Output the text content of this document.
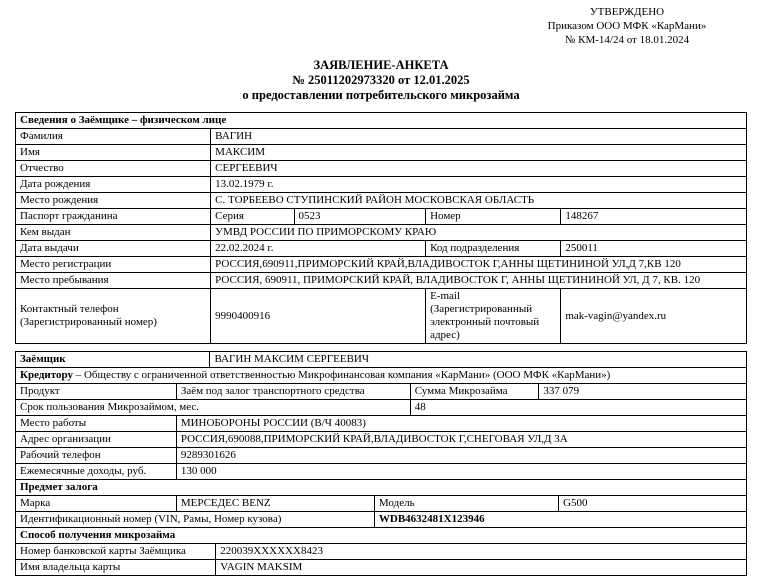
УТВЕРЖДЕНО
Приказом ООО МФК «КарМани»
№ КМ-14/24 от 18.01.2024
ЗАЯВЛЕНИЕ-АНКЕТА
№ 25011202973320 от 12.01.2025
о предоставлении потребительского микрозайма
Сведения о Заёмщике – физическом лице				
Фамилия	ВАГИН			
Имя	МАКСИМ			
Отчество	СЕРГЕЕВИЧ			
Дата рождения	13.02.1979 г.			
Место рождения	С. ТОРБЕЕВО СТУПИНСКИЙ РАЙОН МОСКОВСКАЯ ОБЛАСТЬ			
Паспорт гражданина	Серия	0523	Номер	148267
Кем выдан	УМВД РОССИИ ПО ПРИМОРСКОМУ КРАЮ			
Дата выдачи	22.02.2024 г.		Код подразделения	250011
Место регистрации	РОССИЯ,690911,ПРИМОРСКИЙ КРАЙ,ВЛАДИВОСТОК Г,АННЫ ЩЕТИНИНОЙ УЛ,Д 7,КВ 120			
Место пребывания	РОССИЯ, 690911, ПРИМОРСКИЙ КРАЙ, ВЛАДИВОСТОК Г, АННЫ ЩЕТИНИНОЙ УЛ, Д 7, КВ. 120			

Контактный телефон
(Зарегистрированный номер)	9990400916		E-mail (Зарегистрированный электронный почтовый адрес)	mak-vagin@yandex.ru
Заёмщик		ВАГИН МАКСИМ СЕРГЕЕВИЧ					
Кредитору – Обществу с ограниченной ответственностью Микрофинансовая компания «КарМани» (ООО МФК «КарМани»)							
Продукт	Заём под залог транспортного средства				Сумма Микрозайма	337 079	
Срок пользования Микрозаймом, мес.					48		
Место работы	МИНОБОРОНЫ РОССИИ (В/Ч 40083)						
Адрес организации	РОССИЯ,690088,ПРИМОРСКИЙ КРАЙ,ВЛАДИВОСТОК Г,СНЕГОВАЯ УЛ,Д 3А						
Рабочий телефон	9289301626						
Ежемесячные доходы, руб.	130 000						
Предмет залога							
Марка	МЕРСЕДЕС BENZ			Модель			G500
Идентификационный номер (VIN, Рамы, Номер кузова)				WDB4632481X123946			
Способ получения микрозайма							
Номер банковской карты Заёмщика			220039XXXXXX8423				
Имя владельца карты			VAGIN MAKSIM				
